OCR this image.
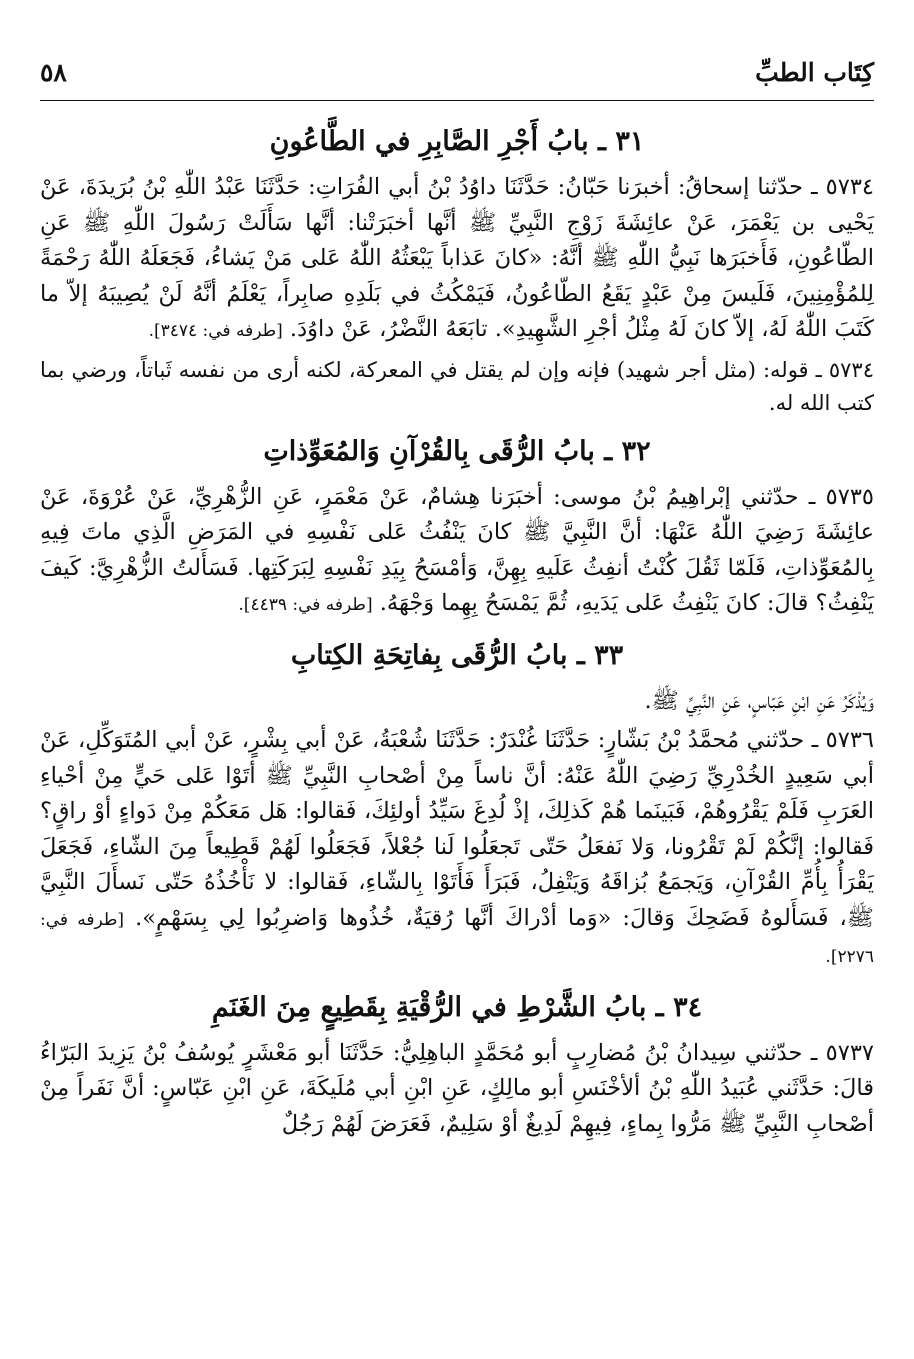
كِتَاب الطبِّ
٥٨
٣١ ـ بابُ أَجْرِ الصَّابِرِ في الطَّاعُونِ

٥٧٣٤ ـ حدّثنا إسحاقُ: أخبرَنا حَبّانُ: حَدَّثَنَا داوُدُ بْنُ أبي الفُرَاتِ: حَدَّثَنَا عَبْدُ اللّٰهِ بْنُ بُرَيدَةَ، عَنْ يَحْيى بن يَعْمَرَ، عَنْ عائِشَةَ زَوْجِ النَّبِيِّ ﷺ أنَّها أخبَرَتْنا: أنَّها سَأَلَتْ رَسُولَ اللّٰهِ ﷺ عَنِ الطّاعُونِ، فَأَخبَرَها نَبِيُّ اللّٰهِ ﷺ أنَّهُ: «كانَ عَذاباً يَبْعَثُهُ اللّٰهُ عَلى مَنْ يَشاءُ، فَجَعَلَهُ اللّٰهُ رَحْمَةً لِلمُؤْمِنِينَ، فَلَيسَ مِنْ عَبْدٍ يَقَعُ الطّاعُونُ، فَيَمْكُثُ في بَلَدِهِ صابِراً، يَعْلَمُ أنَّهُ لَنْ يُصِيبَهُ إلاّ ما كَتَبَ اللّٰهُ لَهُ، إلاّ كانَ لَهُ مِثْلُ أجْرِ الشَّهِيدِ». تابَعَهُ النَّضْرُ، عَنْ داوُدَ. [طرفه في: ٣٤٧٤].

٥٧٣٤ ـ قوله: (مثل أجر شهيد) فإنه وإن لم يقتل في المعركة، لكنه أرى من نفسه ثَباتاً، ورضي بما كتب الله له.

٣٢ ـ بابُ الرُّقَى بِالقُرْآنِ وَالمُعَوِّذاتِ

٥٧٣٥ ـ حدّثني إبْراهِيمُ بْنُ موسى: أخبَرَنا هِشامٌ، عَنْ مَعْمَرٍ، عَنِ الزُّهْرِيِّ، عَنْ عُرْوَةَ، عَنْ عائِشَةَ رَضِيَ اللّٰهُ عَنْهَا: أنَّ النَّبِيَّ ﷺ كانَ يَنْفُثُ عَلى نَفْسِهِ في المَرَضِ الَّذِي ماتَ فِيهِ بِالمُعَوِّذاتِ، فَلَمّا ثَقُلَ كُنْتُ أنفِثُ عَلَيهِ بِهِنَّ، وَأمْسَحُ بِيَدِ نَفْسِهِ لِبَرَكَتِها. فَسَأَلتُ الزُّهْرِيَّ: كَيفَ يَنْفِثُ؟ قالَ: كانَ يَنْفِثُ عَلى يَدَيهِ، ثُمَّ يَمْسَحُ بِهِما وَجْهَهُ. [طرفه في: ٤٤٣٩].

٣٣ ـ بابُ الرُّقَى بِفاتِحَةِ الكِتابِ

وَيُذْكَرُ عَنِ ابْنِ عَبّاسٍ، عَنِ النَّبِيِّ ﷺ.

٥٧٣٦ ـ حدّثني مُحمَّدُ بْنُ بَشّارٍ: حَدَّثَنَا غُنْدَرٌ: حَدَّثَنَا شُعْبَةُ، عَنْ أبي بِشْرٍ، عَنْ أبي المُتَوَكِّلِ، عَنْ أبي سَعِيدٍ الخُدْرِيِّ رَضِيَ اللّٰهُ عَنْهُ: أنَّ ناساً مِنْ أصْحابِ النَّبِيِّ ﷺ أتَوْا عَلى حَيٍّ مِنْ أحْياءِ العَرَبِ فَلَمْ يَقْرُوهُمْ، فَبَينَما هُمْ كَذلِكَ، إذْ لُدِغَ سَيِّدُ أولئِكَ، فَقالوا: هَل مَعَكُمْ مِنْ دَواءٍ أوْ راقٍ؟ فَقالوا: إنَّكُمْ لَمْ تَقْرُونا، وَلا نَفعَلُ حَتّى تَجعَلُوا لَنا جُعْلاً، فَجَعَلُوا لَهُمْ قَطِيعاً مِنَ الشّاءِ، فَجَعَلَ يَقْرَأُ بِأُمِّ القُرْآنِ، وَيَجمَعُ بُزاقَهُ وَيَتْفِلُ، فَبَرَأَ فَأَتَوْا بِالشّاءِ، فَقالوا: لا نَأْخُذُهُ حَتّى نَسأَلَ النَّبِيَّ ﷺ، فَسَأَلوهُ فَضَحِكَ وَقالَ: «وَما أدْراكَ أنَّها رُقيَةٌ، خُذُوها وَاضرِبُوا لِي بِسَهْمٍ». [طرفه في: ٢٢٧٦].

٣٤ ـ بابُ الشَّرْطِ في الرُّقْيَةِ بِقَطِيعٍ مِنَ الغَنَمِ

٥٧٣٧ ـ حدّثني سِيدانُ بْنُ مُضارِبٍ أبو مُحَمَّدٍ الباهِلِيُّ: حَدَّثَنَا أبو مَعْشَرٍ يُوسُفُ بْنُ يَزِيدَ البَرّاءُ قالَ: حَدَّثَني عُبَيدُ اللّٰهِ بْنُ ألأخْنَسِ أبو مالِكٍ، عَنِ ابْنِ أبي مُلَيكَةَ، عَنِ ابْنِ عَبّاسٍ: أنَّ نَفَراً مِنْ أصْحابِ النَّبِيِّ ﷺ مَرُّوا بِماءٍ، فِيهِمْ لَدِيغٌ أوْ سَلِيمٌ، فَعَرَضَ لَهُمْ رَجُلٌ
